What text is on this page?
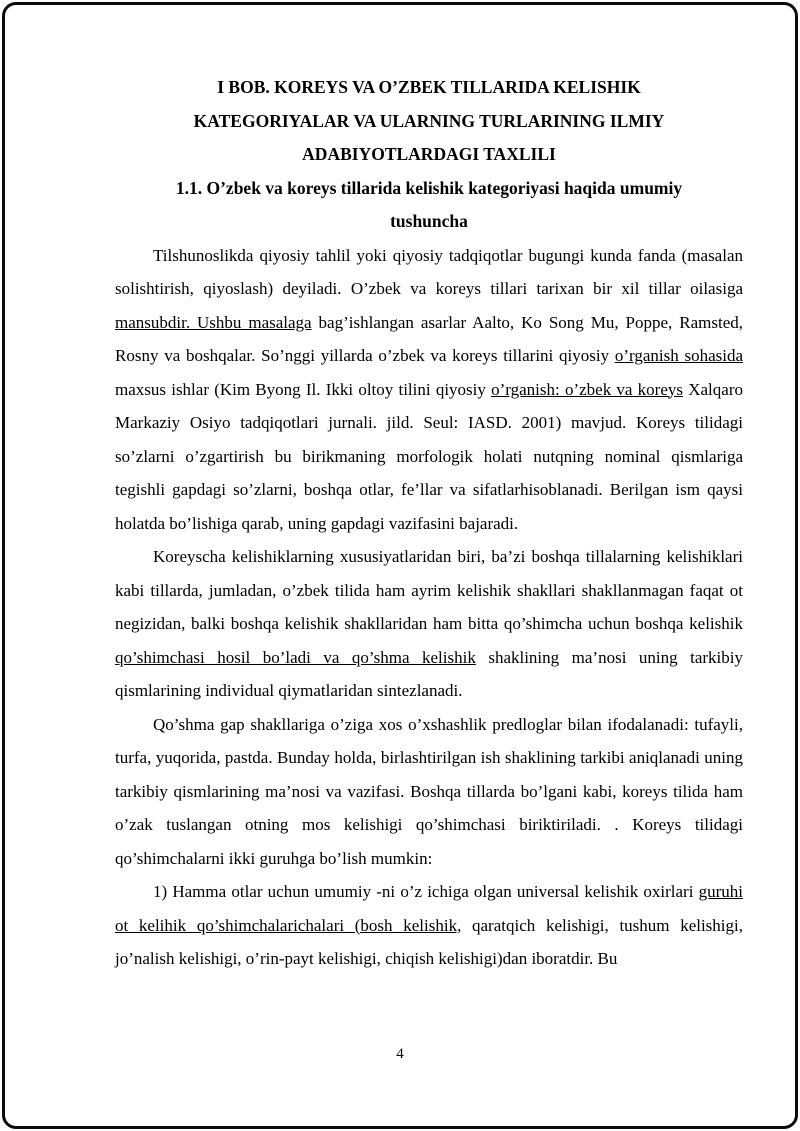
I BOB. KOREYS VA O’ZBEK TILLARIDA KELISHIK
KATEGORIYALAR VA ULARNING TURLARINING ILMIY
ADABIYOTLARDAGI TAXLILI
1.1. O’zbek va koreys tillarida kelishik kategoriyasi haqida umumiy
tushuncha

Tilshunoslikda qiyosiy tahlil yoki qiyosiy tadqiqotlar bugungi kunda fanda (masalan solishtirish, qiyoslash) deyiladi. O’zbek va koreys tillari tarixan bir xil tillar oilasiga mansubdir. Ushbu masalaga bag’ishlangan asarlar Aalto, Ko Song Mu, Poppe, Ramsted, Rosny va boshqalar. So’nggi yillarda o’zbek va koreys tillarini qiyosiy o’rganish sohasida maxsus ishlar (Kim Byong Il. Ikki oltoy tilini qiyosiy o’rganish: o’zbek va koreys Xalqaro Markaziy Osiyo tadqiqotlari jurnali. jild. Seul: IASD. 2001) mavjud. Koreys tilidagi so’zlarni o’zgartirish bu birikmaning morfologik holati nutqning nominal qismlariga tegishli gapdagi so’zlarni, boshqa otlar, fe’llar va sifatlarhisoblanadi. Berilgan ism qaysi holatda bo’lishiga qarab, uning gapdagi vazifasini bajaradi.

Koreyscha kelishiklarning xususiyatlaridan biri, ba’zi boshqa tillalarning kelishiklari kabi tillarda, jumladan, o’zbek tilida ham ayrim kelishik shakllari shakllanmagan faqat ot negizidan, balki boshqa kelishik shakllaridan ham bitta qo’shimcha uchun boshqa kelishik qo’shimchasi hosil bo’ladi va qo’shma kelishik shaklining ma’nosi uning tarkibiy qismlarining individual qiymatlaridan sintezlanadi.

Qo’shma gap shakllariga o’ziga xos o’xshashlik predloglar bilan ifodalanadi: tufayli, turfa, yuqorida, pastda. Bunday holda, birlashtirilgan ish shaklining tarkibi aniqlanadi uning tarkibiy qismlarining ma’nosi va vazifasi. Boshqa tillarda bo’lgani kabi, koreys tilida ham o’zak tuslangan otning mos kelishigi qo’shimchasi biriktiriladi. . Koreys tilidagi qo’shimchalarni ikki guruhga bo’lish mumkin:

1) Hamma otlar uchun umumiy -ni o’z ichiga olgan universal kelishik oxirlari guruhi ot kelihik qo’shimchalarichalari (bosh kelishik, qaratqich kelishigi, tushum kelishigi, jo’nalish kelishigi, o’rin-payt kelishigi, chiqish kelishigi)dan iboratdir. Bu

4
